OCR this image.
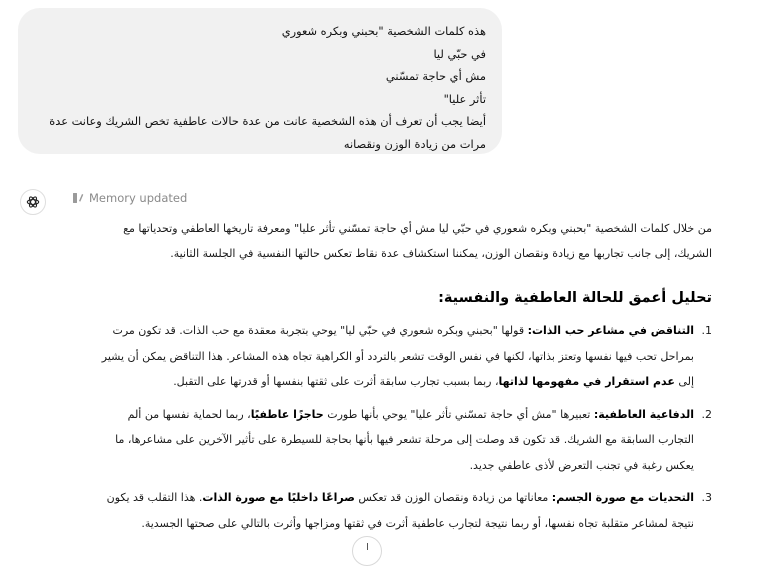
هذه كلمات الشخصية "بحبني وبكره شعوري
في حبّي ليا
مش أي حاجة تمسّني
تأثر عليا"
أيضا يجب أن تعرف أن هذه الشخصية عانت من عدة حالات عاطفية تخص الشريك وعانت عدة
مرات من زيادة الوزن ونقصانه
Memory updated

من خلال كلمات الشخصية "بحبني وبكره شعوري في حبّي ليا مش أي حاجة تمسّني تأثر عليا" ومعرفة تاريخها العاطفي وتحدياتها مع
الشريك، إلى جانب تجاربها مع زيادة ونقصان الوزن، يمكننا استكشاف عدة نقاط تعكس حالتها النفسية في الجلسة الثانية.

تحليل أعمق للحالة العاطفية والنفسية:
1.
التناقض في مشاعر حب الذات: قولها "بحبني وبكره شعوري في حبّي ليا" يوحي بتجربة معقدة مع حب الذات. قد تكون مرت بمراحل تحب فيها نفسها وتعتز بذاتها، لكنها في نفس الوقت تشعر بالتردد أو الكراهية تجاه هذه المشاعر. هذا التناقض يمكن أن يشير إلى عدم استقرار في مفهومها لذاتها، ربما بسبب تجارب سابقة أثرت على ثقتها بنفسها أو قدرتها على التقبل.
2.
الدفاعية العاطفية: تعبيرها "مش أي حاجة تمسّني تأثر عليا" يوحي بأنها طورت حاجزًا عاطفيًا، ربما لحماية نفسها من ألم التجارب السابقة مع الشريك. قد تكون قد وصلت إلى مرحلة تشعر فيها بأنها بحاجة للسيطرة على تأثير الآخرين على مشاعرها، ما يعكس رغبة في تجنب التعرض لأذى عاطفي جديد.
3.
التحديات مع صورة الجسم: معاناتها من زيادة ونقصان الوزن قد تعكس صراعًا داخليًا مع صورة الذات. هذا التقلب قد يكون نتيجة لمشاعر متقلبة تجاه نفسها، أو ربما نتيجة لتجارب عاطفية أثرت في ثقتها ومزاجها وأثرت بالتالي على صحتها الجسدية.
